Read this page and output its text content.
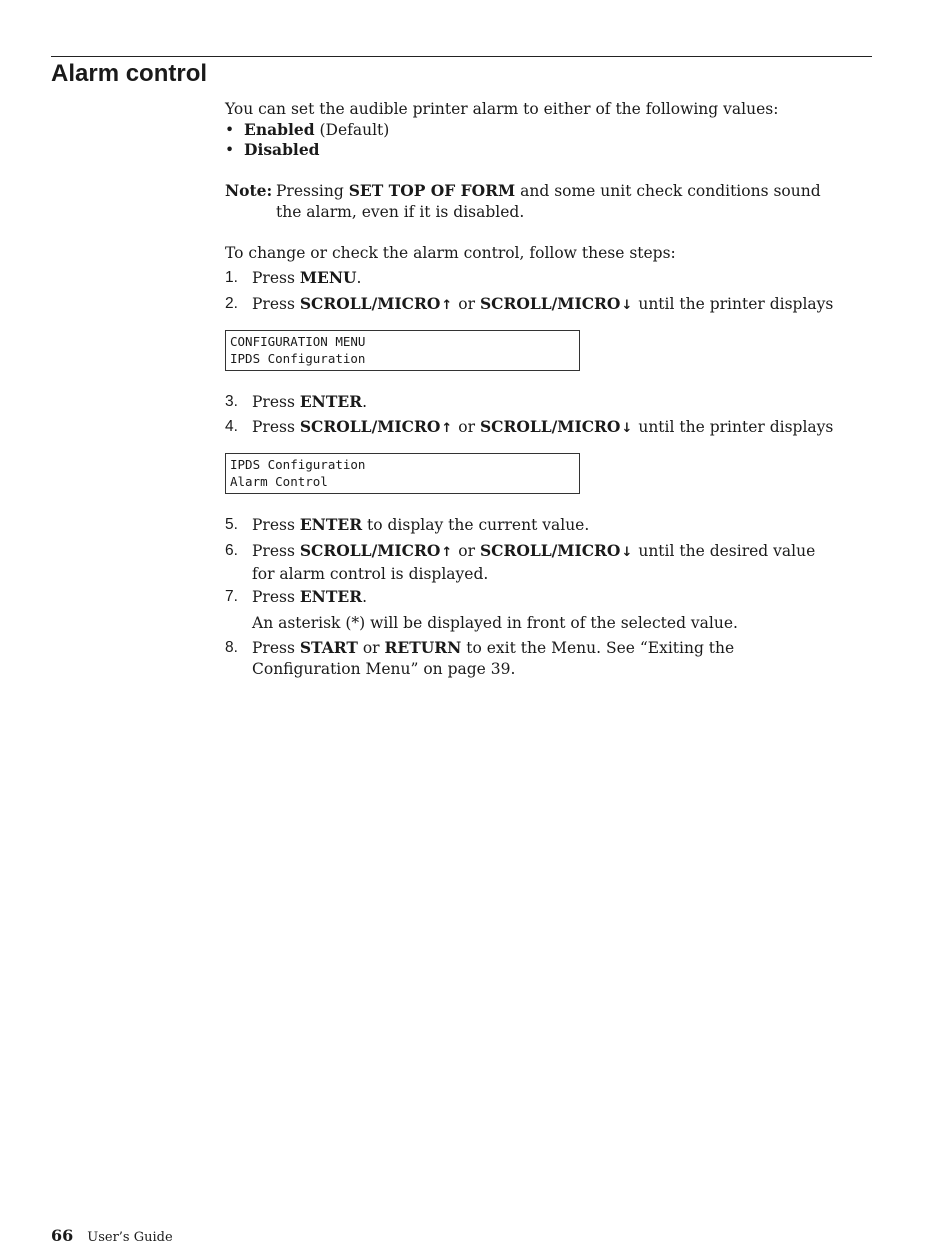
Alarm control
You can set the audible printer alarm to either of the following values:
• Enabled (Default)
• Disabled
Note: Pressing SET TOP OF FORM and some unit check conditions sound the alarm, even if it is disabled.
To change or check the alarm control, follow these steps:
1. Press MENU.
2. Press SCROLL/MICRO↑ or SCROLL/MICRO↓ until the printer displays
CONFIGURATION MENU
IPDS Configuration
3. Press ENTER.
4. Press SCROLL/MICRO↑ or SCROLL/MICRO↓ until the printer displays
IPDS Configuration
Alarm Control
5. Press ENTER to display the current value.
6. Press SCROLL/MICRO↑ or SCROLL/MICRO↓ until the desired value for alarm control is displayed.
7. Press ENTER.
An asterisk (*) will be displayed in front of the selected value.
8. Press START or RETURN to exit the Menu. See “Exiting the Configuration Menu” on page 39.
66 User’s Guide
